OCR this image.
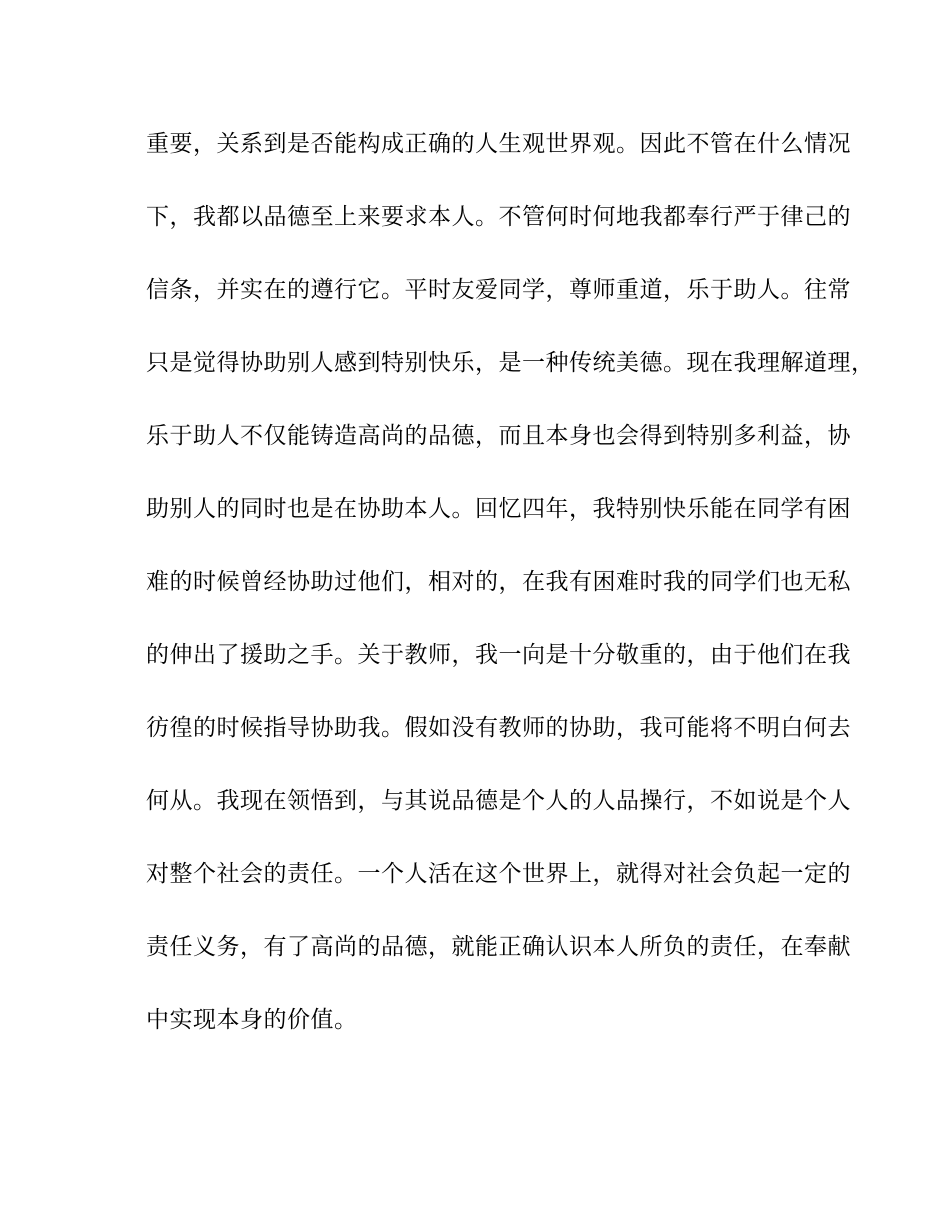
重要，关系到是否能构成正确的人生观世界观。因此不管在什么情况
下，我都以品德至上来要求本人。不管何时何地我都奉行严于律己的
信条，并实在的遵行它。平时友爱同学，尊师重道，乐于助人。往常
只是觉得协助别人感到特别快乐，是一种传统美德。现在我理解道理，
乐于助人不仅能铸造高尚的品德，而且本身也会得到特别多利益，协
助别人的同时也是在协助本人。回忆四年，我特别快乐能在同学有困
难的时候曾经协助过他们，相对的，在我有困难时我的同学们也无私
的伸出了援助之手。关于教师，我一向是十分敬重的，由于他们在我
彷徨的时候指导协助我。假如没有教师的协助，我可能将不明白何去
何从。我现在领悟到，与其说品德是个人的人品操行，不如说是个人
对整个社会的责任。一个人活在这个世界上，就得对社会负起一定的
责任义务，有了高尚的品德，就能正确认识本人所负的责任，在奉献
中实现本身的价值。
